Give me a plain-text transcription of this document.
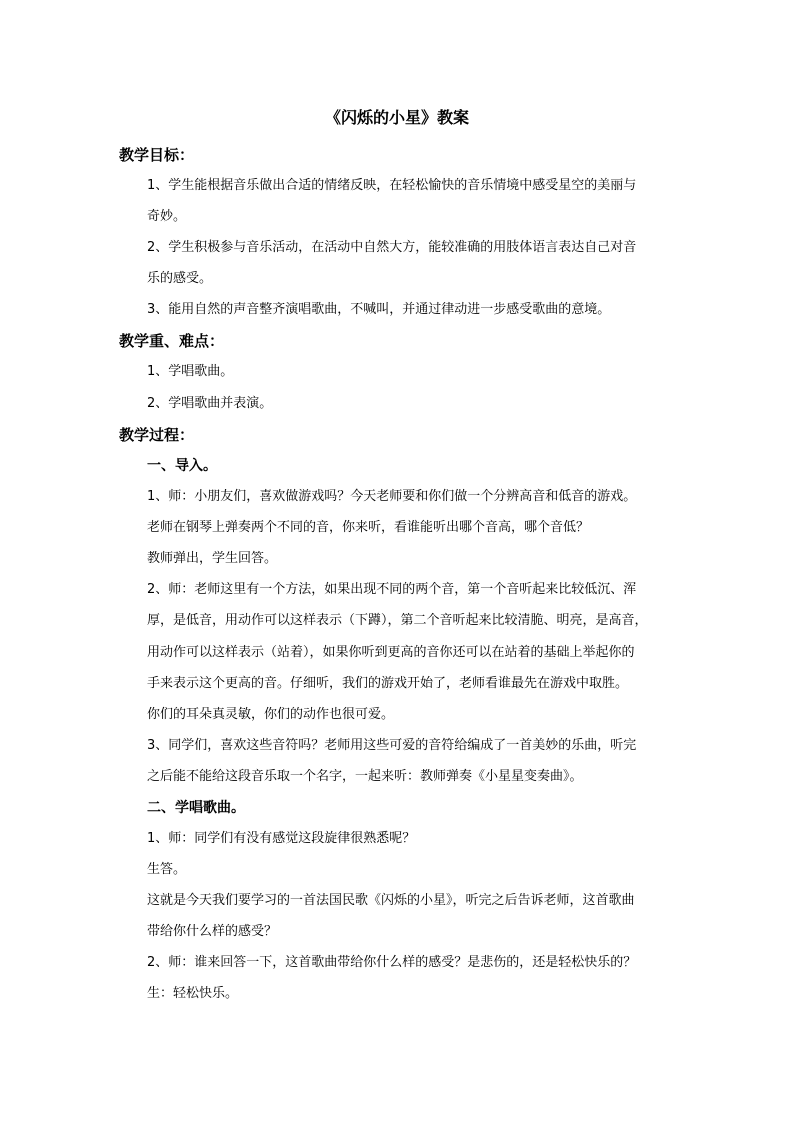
《闪烁的小星》教案
教学目标：
1、学生能根据音乐做出合适的情绪反映，在轻松愉快的音乐情境中感受星空的美丽与
奇妙。
2、学生积极参与音乐活动，在活动中自然大方，能较准确的用肢体语言表达自己对音
乐的感受。
3、能用自然的声音整齐演唱歌曲，不喊叫，并通过律动进一步感受歌曲的意境。
教学重、难点：
1、学唱歌曲。
2、学唱歌曲并表演。
教学过程：
一、导入。
1、师：小朋友们，喜欢做游戏吗？今天老师要和你们做一个分辨高音和低音的游戏。
老师在钢琴上弹奏两个不同的音，你来听，看谁能听出哪个音高，哪个音低？
教师弹出，学生回答。
2、师：老师这里有一个方法，如果出现不同的两个音，第一个音听起来比较低沉、浑
厚，是低音，用动作可以这样表示（下蹲），第二个音听起来比较清脆、明亮，是高音，
用动作可以这样表示（站着），如果你听到更高的音你还可以在站着的基础上举起你的
手来表示这个更高的音。仔细听，我们的游戏开始了，老师看谁最先在游戏中取胜。
你们的耳朵真灵敏，你们的动作也很可爱。
3、同学们，喜欢这些音符吗？老师用这些可爱的音符给编成了一首美妙的乐曲，听完
之后能不能给这段音乐取一个名字，一起来听：教师弹奏《小星星变奏曲》。
二、学唱歌曲。
1、师：同学们有没有感觉这段旋律很熟悉呢？
生答。
这就是今天我们要学习的一首法国民歌《闪烁的小星》，听完之后告诉老师，这首歌曲
带给你什么样的感受？
2、师：谁来回答一下，这首歌曲带给你什么样的感受？是悲伤的，还是轻松快乐的？
生：轻松快乐。
